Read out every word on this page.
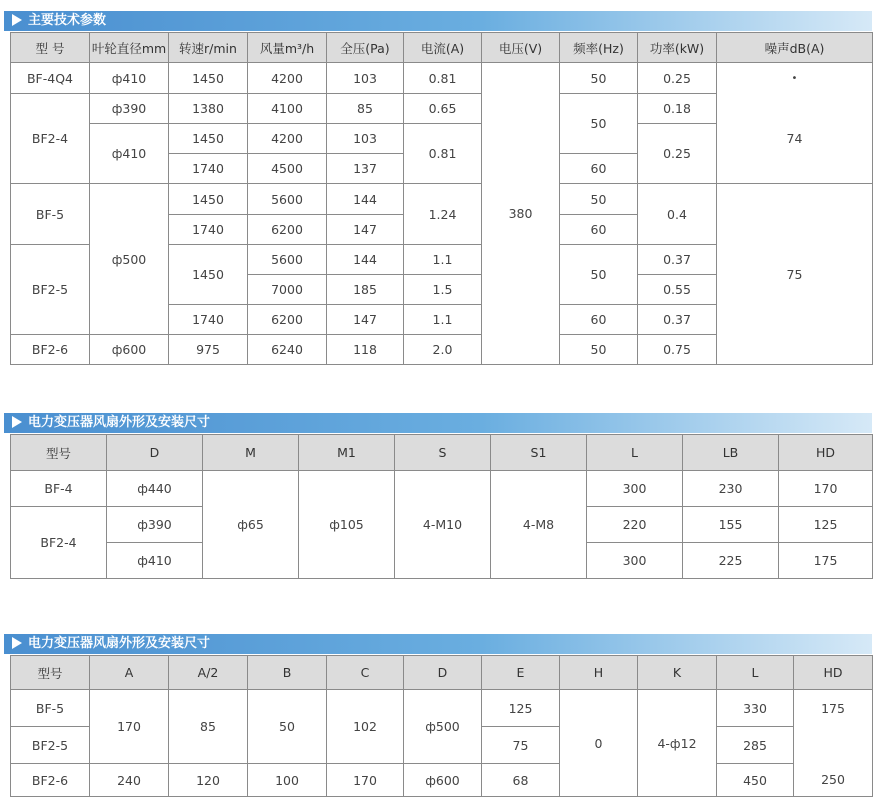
主要技术参数
型 号	叶轮直径mm	转速r/min	风量m³/h	全压(Pa)	电流(A)	电压(V)	频率(Hz)	功率(kW)	噪声dB(A)
BF-4Q4	ф410	1450	4200	103	0.81	380	50	0.25	•
BF2-4	ф390	1380	4100	85	0.65		50	0.18	74
	ф410	1450	4200	103	0.81			0.25	
		1740	4500	137			60		
BF-5	ф500	1450	5600	144	1.24		50	0.4	75
		1740	6200	147			60		
BF2-5		1450	5600	144	1.1		50	0.37	
			7000	185	1.5			0.55	
		1740	6200	147	1.1		60	0.37	
BF2-6	ф600	975	6240	118	2.0		50	0.75	
电力变压器风扇外形及安装尺寸
型号	D	M	M1	S	S1	L	LB	HD
BF-4	ф440	ф65	ф105	4-M10	4-M8	300	230	170
BF2-4	ф390					220	155	125
	ф410					300	225	175
电力变压器风扇外形及安装尺寸
型号	A	A/2	B	C	D	E	H	K	L	HD
BF-5	170	85	50	102	ф500	125	0	4-ф12	330	175
BF2-5						75			285	
BF2-6	240	120	100	170	ф600	68			450	250
